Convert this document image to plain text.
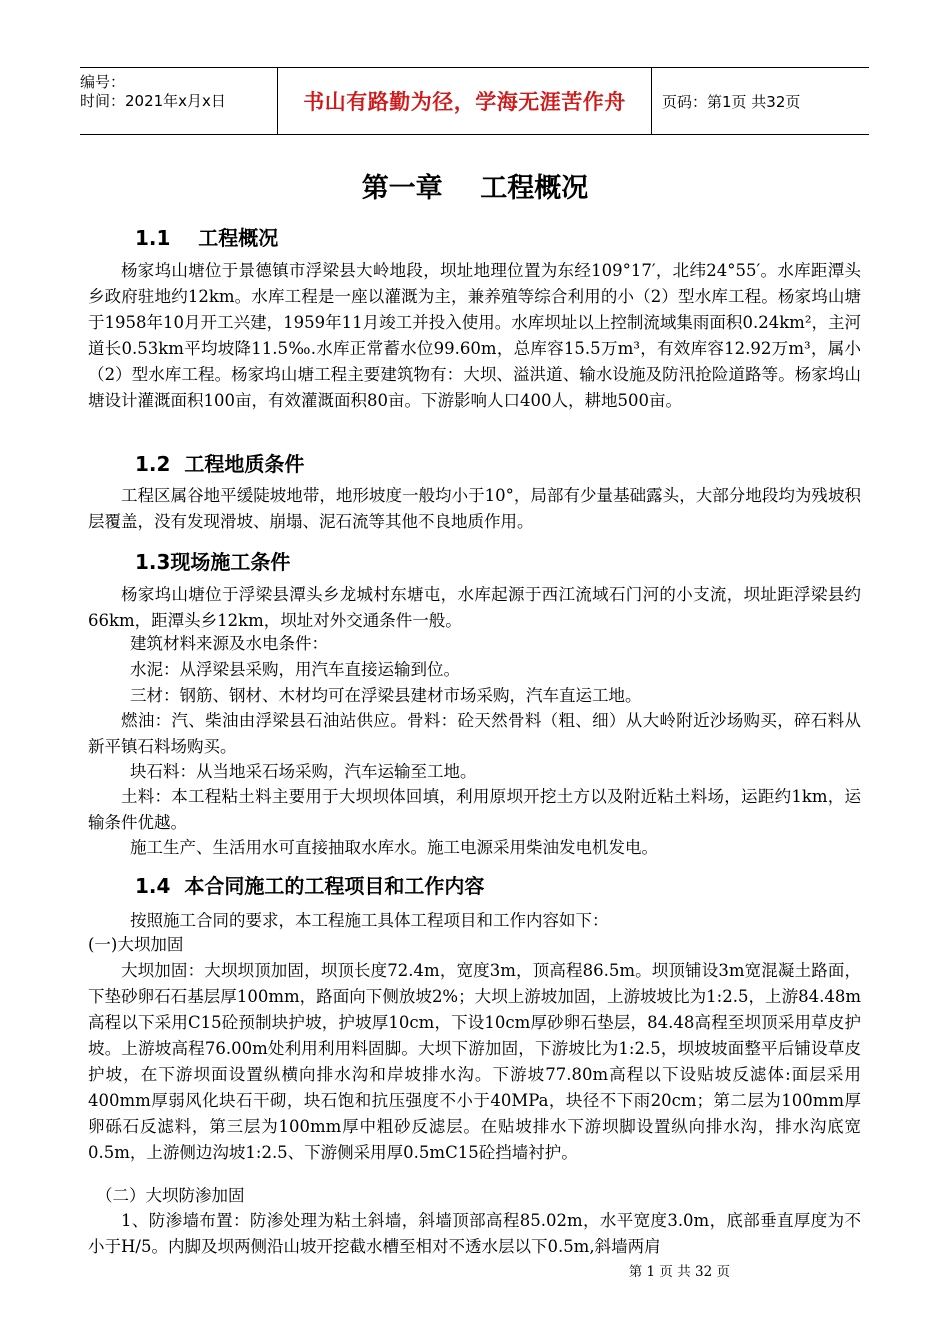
编号：
时间：2021年x月x日	书山有路勤为径，学海无涯苦作舟	页码：第1页 共32页
第一章    工程概况
1.1    工程概况
杨家坞山塘位于景德镇市浮梁县大岭地段，坝址地理位置为东经109°17′，北纬24°55′。水库距潭头乡政府驻地约12km。水库工程是一座以灌溉为主，兼养殖等综合利用的小（2）型水库工程。杨家坞山塘于1958年10月开工兴建，1959年11月竣工并投入使用。水库坝址以上控制流域集雨面积0.24km²，主河道长0.53km平均坡降11.5‰.水库正常蓄水位99.60m，总库容15.5万m³，有效库容12.92万m³，属小（2）型水库工程。杨家坞山塘工程主要建筑物有：大坝、溢洪道、输水设施及防汛抢险道路等。杨家坞山塘设计灌溉面积100亩，有效灌溉面积80亩。下游影响人口400人，耕地500亩。
1.2  工程地质条件
工程区属谷地平缓陡坡地带，地形坡度一般均小于10°，局部有少量基础露头，大部分地段均为残坡积层覆盖，没有发现滑坡、崩塌、泥石流等其他不良地质作用。
1.3现场施工条件
杨家坞山塘位于浮梁县潭头乡龙城村东塘屯，水库起源于西江流域石门河的小支流，坝址距浮梁县约66km，距潭头乡12km，坝址对外交通条件一般。
建筑材料来源及水电条件：
水泥：从浮梁县采购，用汽车直接运输到位。
三材：钢筋、钢材、木材均可在浮梁县建材市场采购，汽车直运工地。
燃油：汽、柴油由浮梁县石油站供应。骨料：砼天然骨料（粗、细）从大岭附近沙场购买，碎石料从新平镇石料场购买。
块石料：从当地采石场采购，汽车运输至工地。
土料：本工程粘土料主要用于大坝坝体回填，利用原坝开挖土方以及附近粘土料场，运距约1km，运输条件优越。
施工生产、生活用水可直接抽取水库水。施工电源采用柴油发电机发电。
1.4  本合同施工的工程项目和工作内容
按照施工合同的要求，本工程施工具体工程项目和工作内容如下：
(一)大坝加固
大坝加固：大坝坝顶加固，坝顶长度72.4m，宽度3m，顶高程86.5m。坝顶铺设3m宽混凝土路面，下垫砂卵石石基层厚100mm，路面向下侧放坡2%；大坝上游坡加固，上游坡坡比为1:2.5，上游84.48m高程以下采用C15砼预制块护坡，护坡厚10cm，下设10cm厚砂卵石垫层，84.48高程至坝顶采用草皮护坡。上游坡高程76.00m处利用利用料固脚。大坝下游加固，下游坡比为1:2.5，坝坡坡面整平后铺设草皮护坡，在下游坝面设置纵横向排水沟和岸坡排水沟。下游坡77.80m高程以下设贴坡反滤体:面层采用400mm厚弱风化块石干砌，块石饱和抗压强度不小于40MPa，块径不下雨20cm；第二层为100mm厚卵砾石反滤料，第三层为100mm厚中粗砂反滤层。在贴坡排水下游坝脚设置纵向排水沟，排水沟底宽0.5m，上游侧边沟坡1:2.5、下游侧采用厚0.5mC15砼挡墙衬护。
（二）大坝防渗加固
1、防渗墙布置：防渗处理为粘土斜墙，斜墙顶部高程85.02m，水平宽度3.0m，底部垂直厚度为不小于H/5。内脚及坝两侧沿山坡开挖截水槽至相对不透水层以下0.5m,斜墙两肩
第 1 页 共 32 页
